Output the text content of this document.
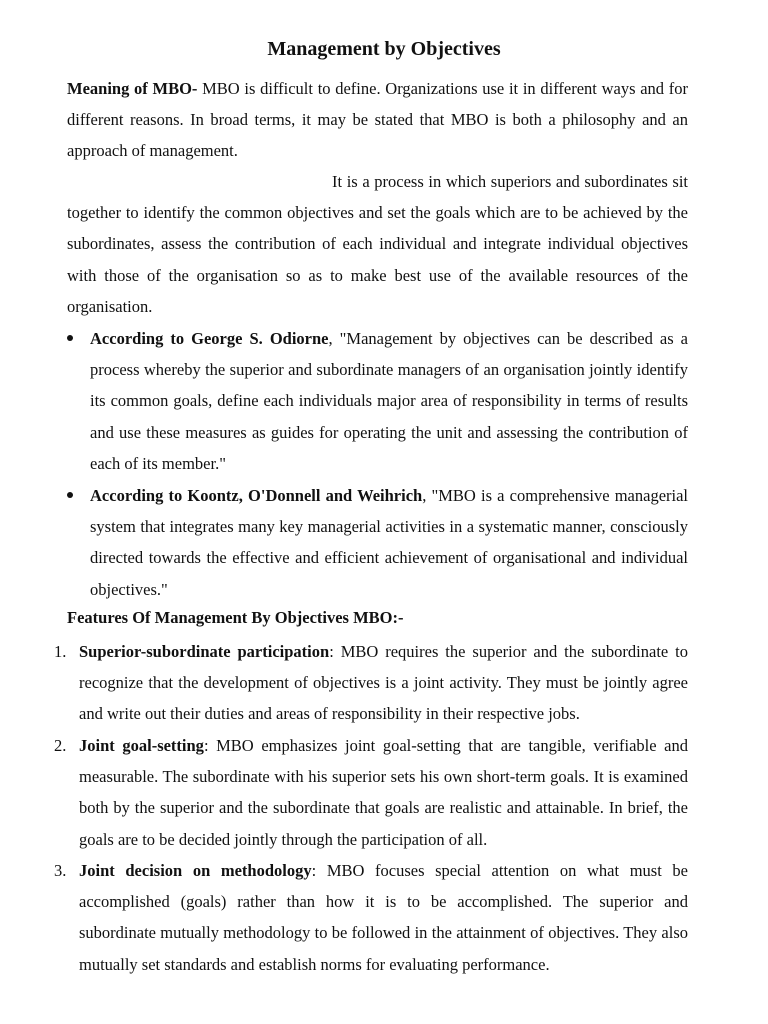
Management by Objectives

Meaning of MBO- MBO is difficult to define. Organizations use it in different ways and for different reasons. In broad terms, it may be stated that MBO is both a philosophy and an approach of management.

It is a process in which superiors and subordinates sit together to identify the common objectives and set the goals which are to be achieved by the subordinates, assess the contribution of each individual and integrate individual objectives with those of the organisation so as to make best use of the available resources of the organisation.

According to George S. Odiorne, "Management by objectives can be described as a process whereby the superior and subordinate managers of an organisation jointly identify its common goals, define each individuals major area of responsibility in terms of results and use these measures as guides for operating the unit and assessing the contribution of each of its member."

According to Koontz, O'Donnell and Weihrich, "MBO is a comprehensive managerial system that integrates many key managerial activities in a systematic manner, consciously directed towards the effective and efficient achievement of organisational and individual objectives."

Features Of Management By Objectives MBO:-

1. Superior-subordinate participation: MBO requires the superior and the subordinate to recognize that the development of objectives is a joint activity. They must be jointly agree and write out their duties and areas of responsibility in their respective jobs.

2. Joint goal-setting: MBO emphasizes joint goal-setting that are tangible, verifiable and measurable. The subordinate with his superior sets his own short-term goals. It is examined both by the superior and the subordinate that goals are realistic and attainable. In brief, the goals are to be decided jointly through the participation of all.

3. Joint decision on methodology: MBO focuses special attention on what must be accomplished (goals) rather than how it is to be accomplished. The superior and subordinate mutually methodology to be followed in the attainment of objectives. They also mutually set standards and establish norms for evaluating performance.
